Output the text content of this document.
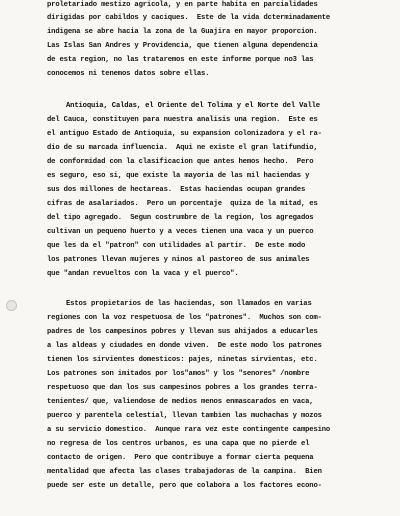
proletariado mestizo agricola, y en parte habita en parcialidades
dirigidas por cabildos y caciques.  Este de la vida dcterminadamente
indigena se abre hacia la zona de la Guajira en mayor proporcion.
Las Islas San Andres y Providencia, que tienen alguna dependencia
de esta region, no las trataremos en este informe porque no3 las
conocemos ni tenemos datos sobre ellas.
Antioquia, Caldas, el Oriente del Tolima y el Norte del Valle
del Cauca, constituyen para nuestra analisis una region.  Este es
el antiguo Estado de Antioquia, su expansion colonizadora y el ra-
dio de su marcada influencia.  Aqui ne existe el gran latifundio,
de conformidad con la clasificacion que antes hemos hecho.  Pero
es seguro, eso si, que existe la mayoria de las mil haciendas y
sus dos millones de hectareas.  Estas haciendas ocupan grandes
cifras de asalariados.  Pero un porcentaje  quiza de la mitad, es
del tipo agregado.  Segun costrumbre de la region, los agregados
cultivan un pequeno huerto y a veces tienen una vaca y un puerco
que les da el "patron" con utilidades al partir.  De este modo
los patrones llevan mujeres y ninos al pastoreo de sus animales
que "andan revueltos con la vaca y el puerco".
Estos propietarios de las haciendas, son llamados en varias
regiones con la voz respetuosa de los "patrones".  Muchos son com-
padres de los campesinos pobres y llevan sus ahijados a educarles
a las aldeas y ciudades en donde viven.  De este modo los patrones
tienen los sirvientes domesticos: pajes, ninetas sirvientas, etc.
Los patrones son imitados por los"amos" y los "senores" /nombre
respetuoso que dan los sus campesinos pobres a los grandes terra-
tenientes/ que, valiendose de medios menos enmascarados en vaca,
puerco y parentela celestial, llevan tambien las muchachas y mozos
a su servicio domestico.  Aunque rara vez este contingente campesino
no regresa de los centros urbanos, es una capa que no pierde el
contacto de origen.  Pero que contribuye a formar cierta pequena
mentalidad que afecta las clases trabajadoras de la campina.  Bien
puede ser este un detalle, pero que colabora a los factores econo-
